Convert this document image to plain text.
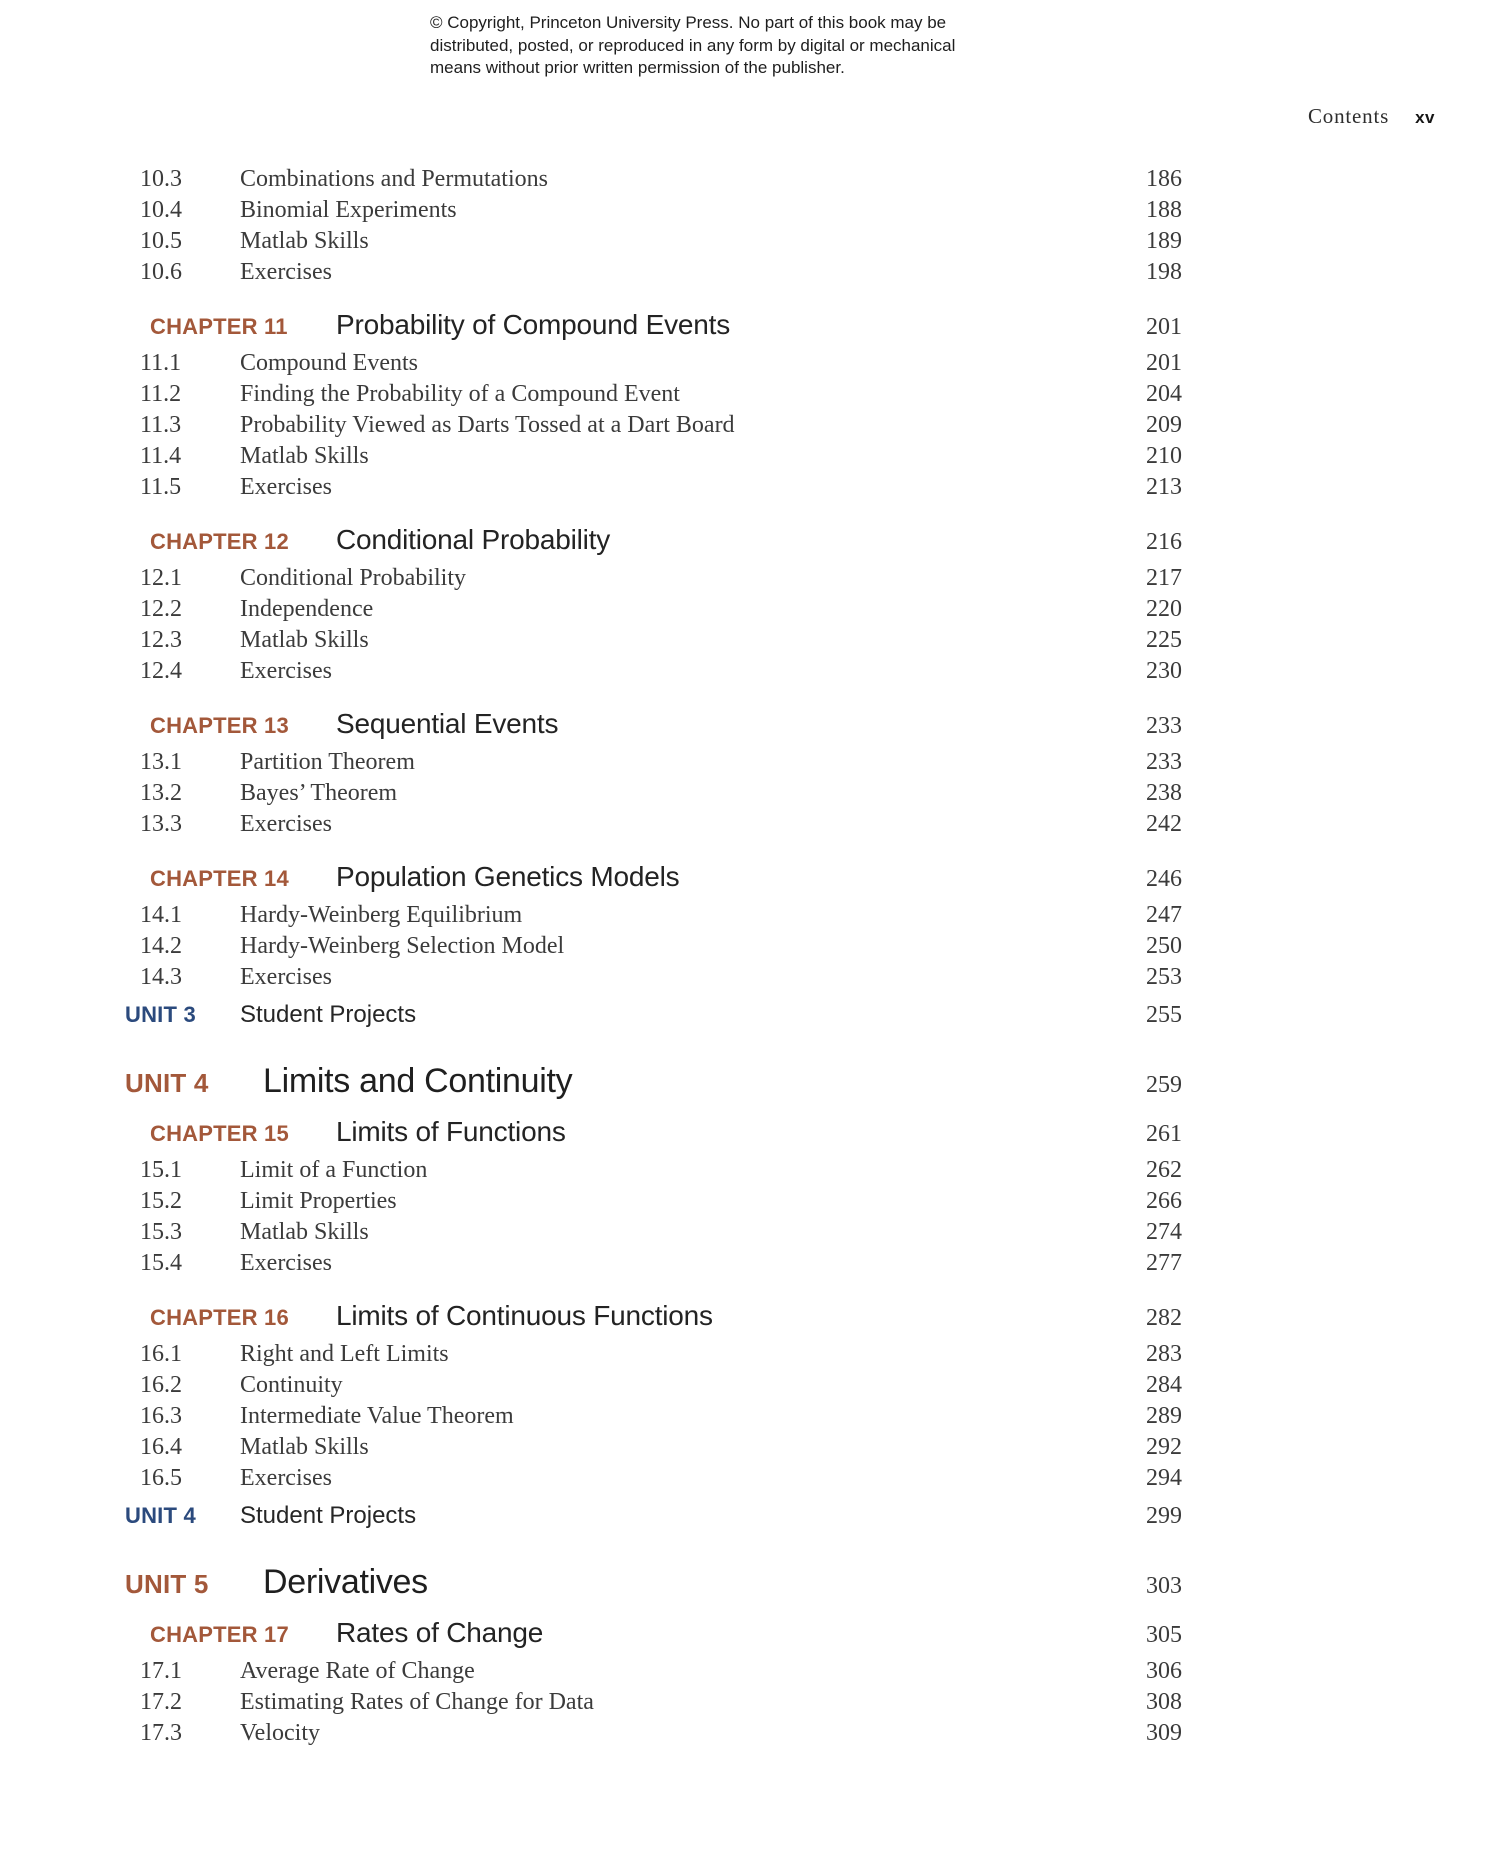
© Copyright, Princeton University Press. No part of this book may be
distributed, posted, or reproduced in any form by digital or mechanical
means without prior written permission of the publisher.
Contents xv
10.3	Combinations and Permutations	186
10.4	Binomial Experiments	188
10.5	Matlab Skills	189
10.6	Exercises	198
CHAPTER 11	Probability of Compound Events	201
11.1	Compound Events	201
11.2	Finding the Probability of a Compound Event	204
11.3	Probability Viewed as Darts Tossed at a Dart Board	209
11.4	Matlab Skills	210
11.5	Exercises	213
CHAPTER 12	Conditional Probability	216
12.1	Conditional Probability	217
12.2	Independence	220
12.3	Matlab Skills	225
12.4	Exercises	230
CHAPTER 13	Sequential Events	233
13.1	Partition Theorem	233
13.2	Bayes’ Theorem	238
13.3	Exercises	242
CHAPTER 14	Population Genetics Models	246
14.1	Hardy-Weinberg Equilibrium	247
14.2	Hardy-Weinberg Selection Model	250
14.3	Exercises	253
UNIT 3	Student Projects	255
UNIT 4	Limits and Continuity	259
CHAPTER 15	Limits of Functions	261
15.1	Limit of a Function	262
15.2	Limit Properties	266
15.3	Matlab Skills	274
15.4	Exercises	277
CHAPTER 16	Limits of Continuous Functions	282
16.1	Right and Left Limits	283
16.2	Continuity	284
16.3	Intermediate Value Theorem	289
16.4	Matlab Skills	292
16.5	Exercises	294
UNIT 4	Student Projects	299
UNIT 5	Derivatives	303
CHAPTER 17	Rates of Change	305
17.1	Average Rate of Change	306
17.2	Estimating Rates of Change for Data	308
17.3	Velocity	309
